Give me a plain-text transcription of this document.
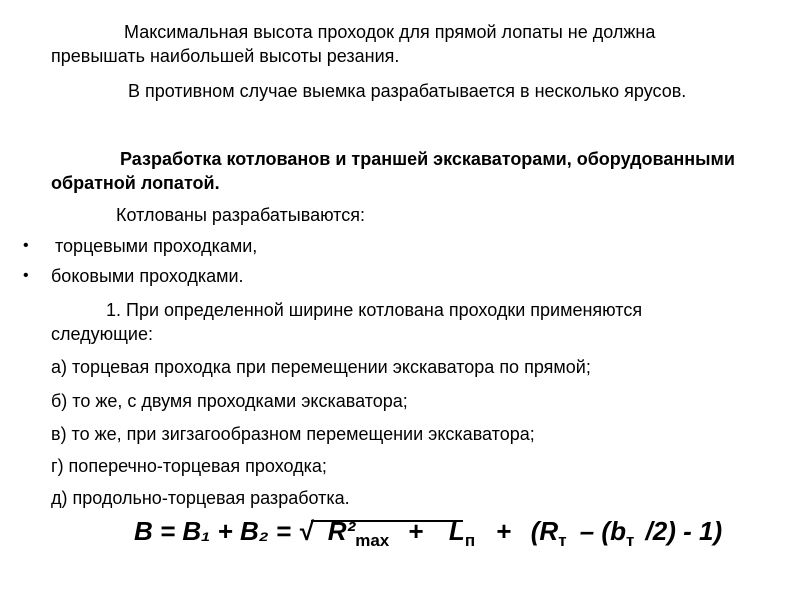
Максимальная высота проходок для прямой лопаты не должна
превышать наибольшей высоты резания.
В противном случае выемка разрабатывается в несколько ярусов.
Разработка котлованов и траншей экскаваторами, оборудованными
обратной лопатой.
Котлованы разрабатываются:
• торцевыми проходками,
• боковыми проходками.
1. При определенной ширине котлована проходки применяются
следующие:
а) торцевая проходка при перемещении экскаватора по прямой;
б) то же, с двумя проходками экскаватора;
в) то же, при зигзагообразном перемещении экскаватора;
г) поперечно-торцевая проходка;
д) продольно-торцевая разработка.
B = B₁ + B₂ = √ R²max + Lп + (Rт – (bт /2) - 1)
